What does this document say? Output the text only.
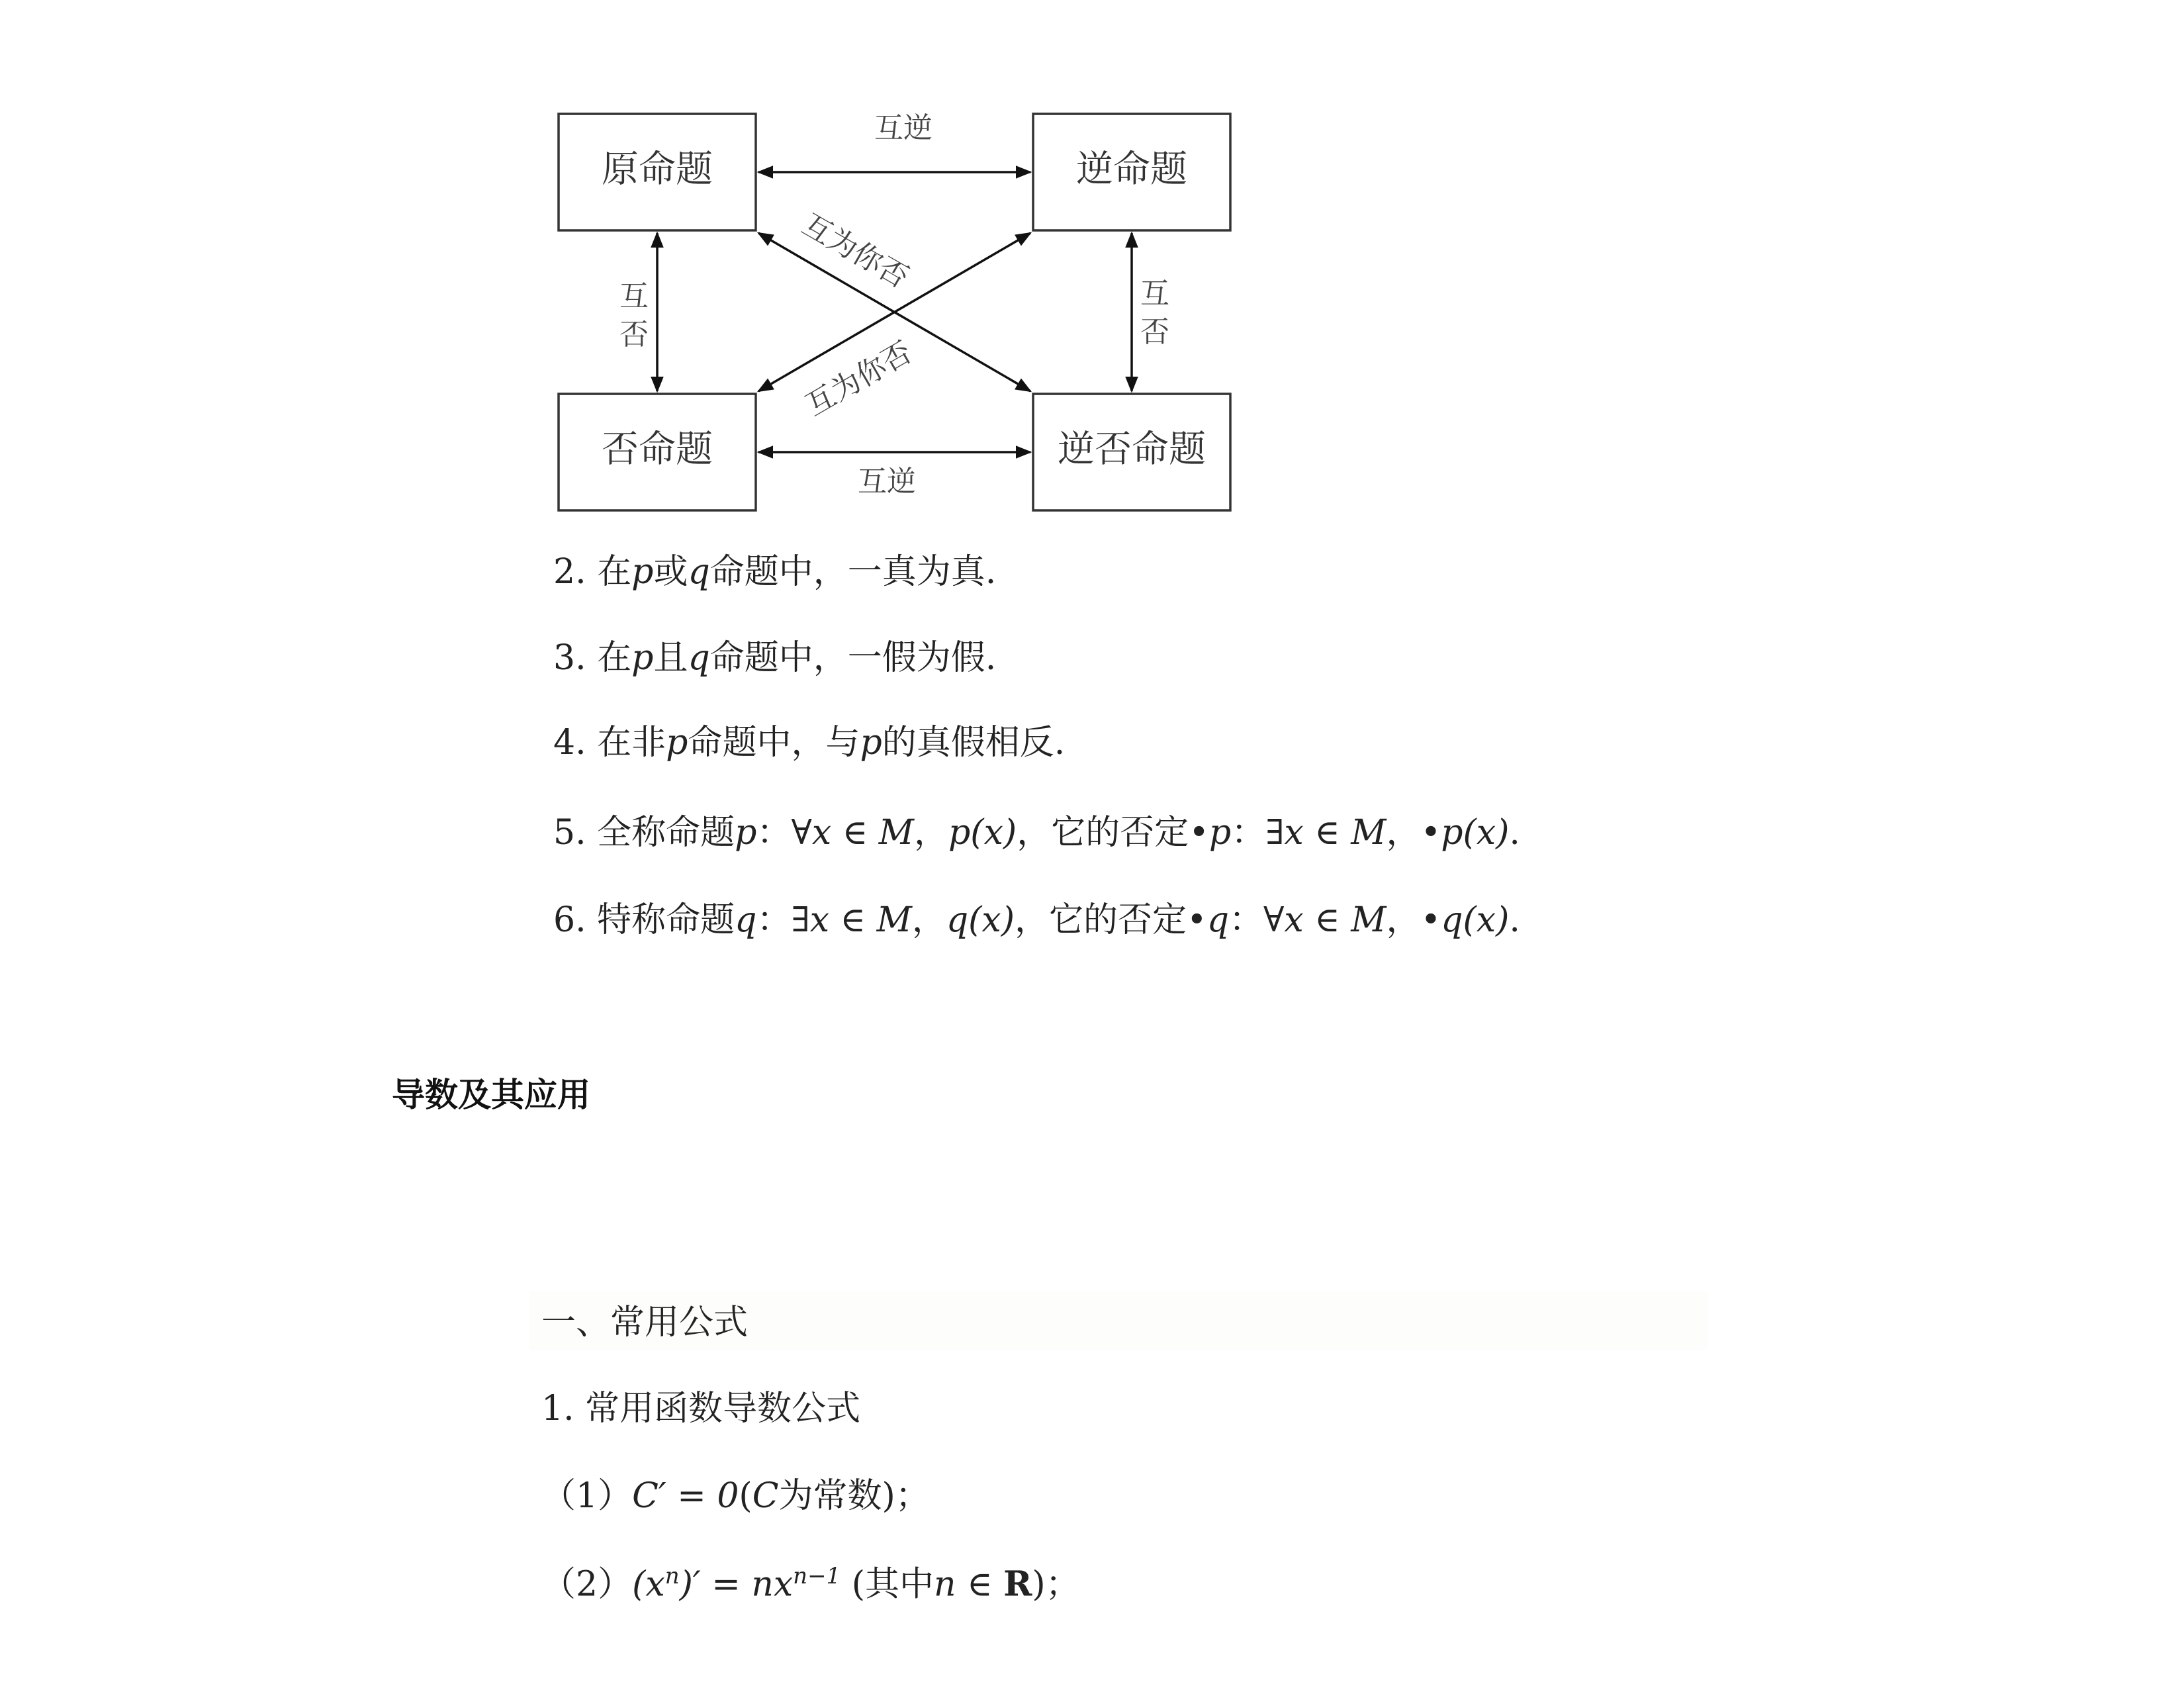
原命题	逆命题
否命题	逆否命题
互逆
互逆
互
否
互
否
互为你否
互为你否
2. 在p或q命题中，一真为真.
3. 在p且q命题中，一假为假.
4. 在非p命题中，与p的真假相反.
5. 全称命题p：∀x ∈ M，p(x)，它的否定•p：∃x ∈ M，•p(x).
6. 特称命题q：∃x ∈ M，q(x)，它的否定•q：∀x ∈ M，•q(x).
导数及其应用
一、常用公式
1. 常用函数导数公式
（1）C′ = 0(C为常数)；
$(2)(x^n)' = nx^{n-1}$ (其中n ∈ R)；
